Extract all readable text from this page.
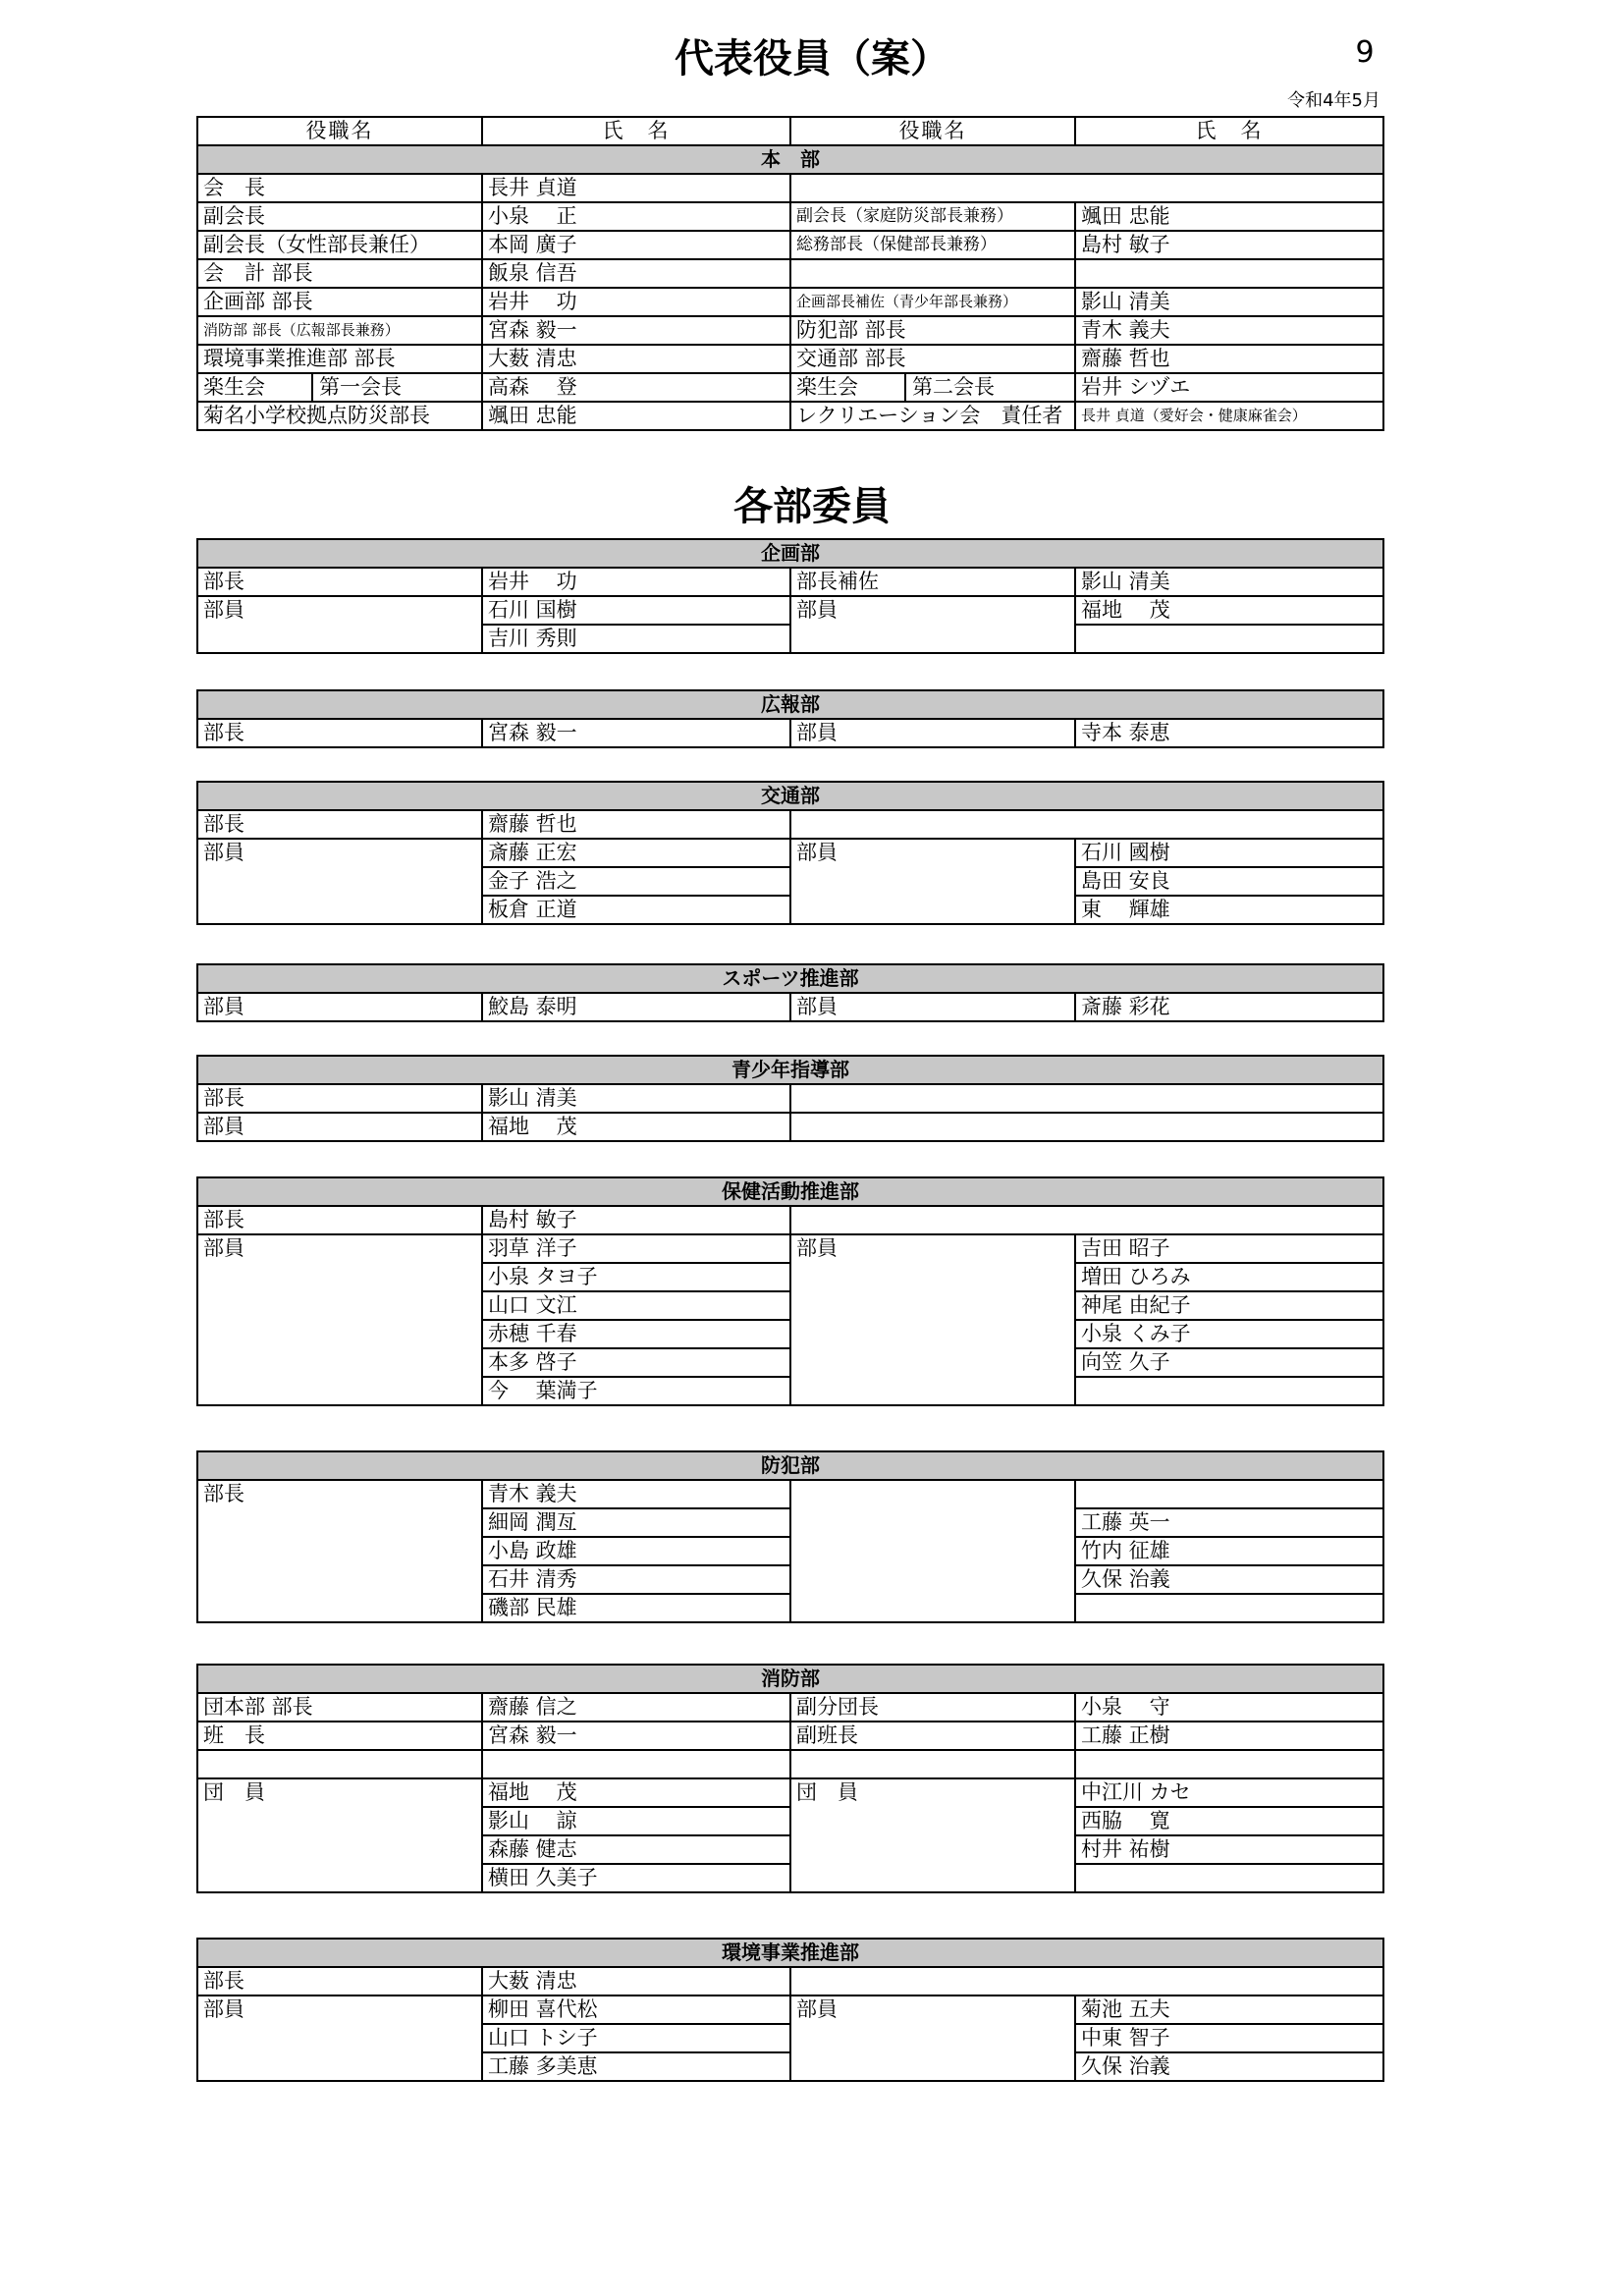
代表役員（案）	9
令和4年5月
役職名	氏　名	役職名	氏　名
本　部			
会　長	長井 貞道		
副会長	小泉　 正	副会長（家庭防災部長兼務）	颯田 忠能
副会長（女性部長兼任）	本岡 廣子	総務部長（保健部長兼務）	島村 敏子
会　計 部長	飯泉 信吾		
企画部 部長	岩井　 功	企画部長補佐（青少年部長兼務）	影山 清美
消防部 部長（広報部長兼務）	宮森 毅一	防犯部 部長	青木 義夫
環境事業推進部 部長	大薮 清忠	交通部 部長	齋藤 哲也
楽生会 第一会長	高森　 登	楽生会 第二会長	岩井 シヅエ
菊名小学校拠点防災部長	颯田 忠能	レクリエーション会　責任者	長井 貞道（愛好会・健康麻雀会）
各部委員
企画部			
部長	岩井　 功	部長補佐	影山 清美
部員	石川 国樹	部員	福地　 茂
	吉川 秀則		
広報部
部長	宮森 毅一	部員	寺本 泰恵
交通部			
部長	齋藤 哲也		
部員	斎藤 正宏	部員	石川 國樹
	金子 浩之		島田 安良
	板倉 正道		東　 輝雄
スポーツ推進部
部員	鮫島 泰明	部員	斎藤 彩花
青少年指導部		
部長	影山 清美	
部員	福地　 茂	
保健活動推進部			
部長	島村 敏子		
部員	羽草 洋子	部員	吉田 昭子
	小泉 タヨ子		増田 ひろみ
	山口 文江		神尾 由紀子
	赤穂 千春		小泉 くみ子
	本多 啓子		向笠 久子
	今　 葉満子		
防犯部			
部長	青木 義夫		
	細岡 潤亙		工藤 英一
	小島 政雄		竹内 征雄
	石井 清秀		久保 治義
	磯部 民雄		
消防部			
団本部 部長	齋藤 信之	副分団長	小泉　 守
班　長	宮森 毅一	副班長	工藤 正樹

団　員	福地　 茂	団　員	中江川 カセ
	影山　 諒		西脇　 寛
	森藤 健志		村井 祐樹
	横田 久美子		
環境事業推進部			
部長	大薮 清忠		
部員	柳田 喜代松	部員	菊池 五夫
	山口 トシ子		中東 智子
	工藤 多美恵		久保 治義
